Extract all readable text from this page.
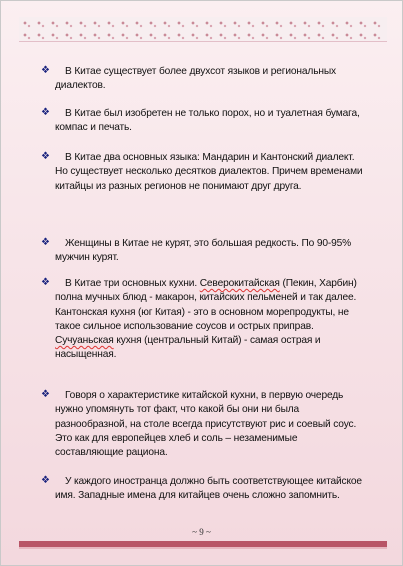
❖ В Китае существует более двухсот языков и региональных диалектов.
❖ В Китае был изобретен не только порох, но и туалетная бумага, компас и печать.
❖ В Китае два основных языка: Мандарин и Кантонский диалект. Но существует несколько десятков диалектов. Причем временами китайцы из разных регионов не понимают друг друга.
❖ Женщины в Китае не курят, это большая редкость. По 90-95% мужчин курят.
❖ В Китае три основных кухни. Северокитайская (Пекин, Харбин) полна мучных блюд - макарон, китайских пельменей и так далее. Кантонская кухня (юг Китая) - это в основном морепродукты, не такое сильное использование соусов и острых приправ. Сучуаньская кухня (центральный Китай) - самая острая и насыщенная.
❖ Говоря о характеристике китайской кухни, в первую очередь нужно упомянуть тот факт, что какой бы они ни была разнообразной, на столе всегда присутствуют рис и соевый соус. Это как для европейцев хлеб и соль – незаменимые составляющие рациона.
❖ У каждого иностранца должно быть соответствующее китайское имя. Западные имена для китайцев очень сложно запомнить.
~ 9 ~
